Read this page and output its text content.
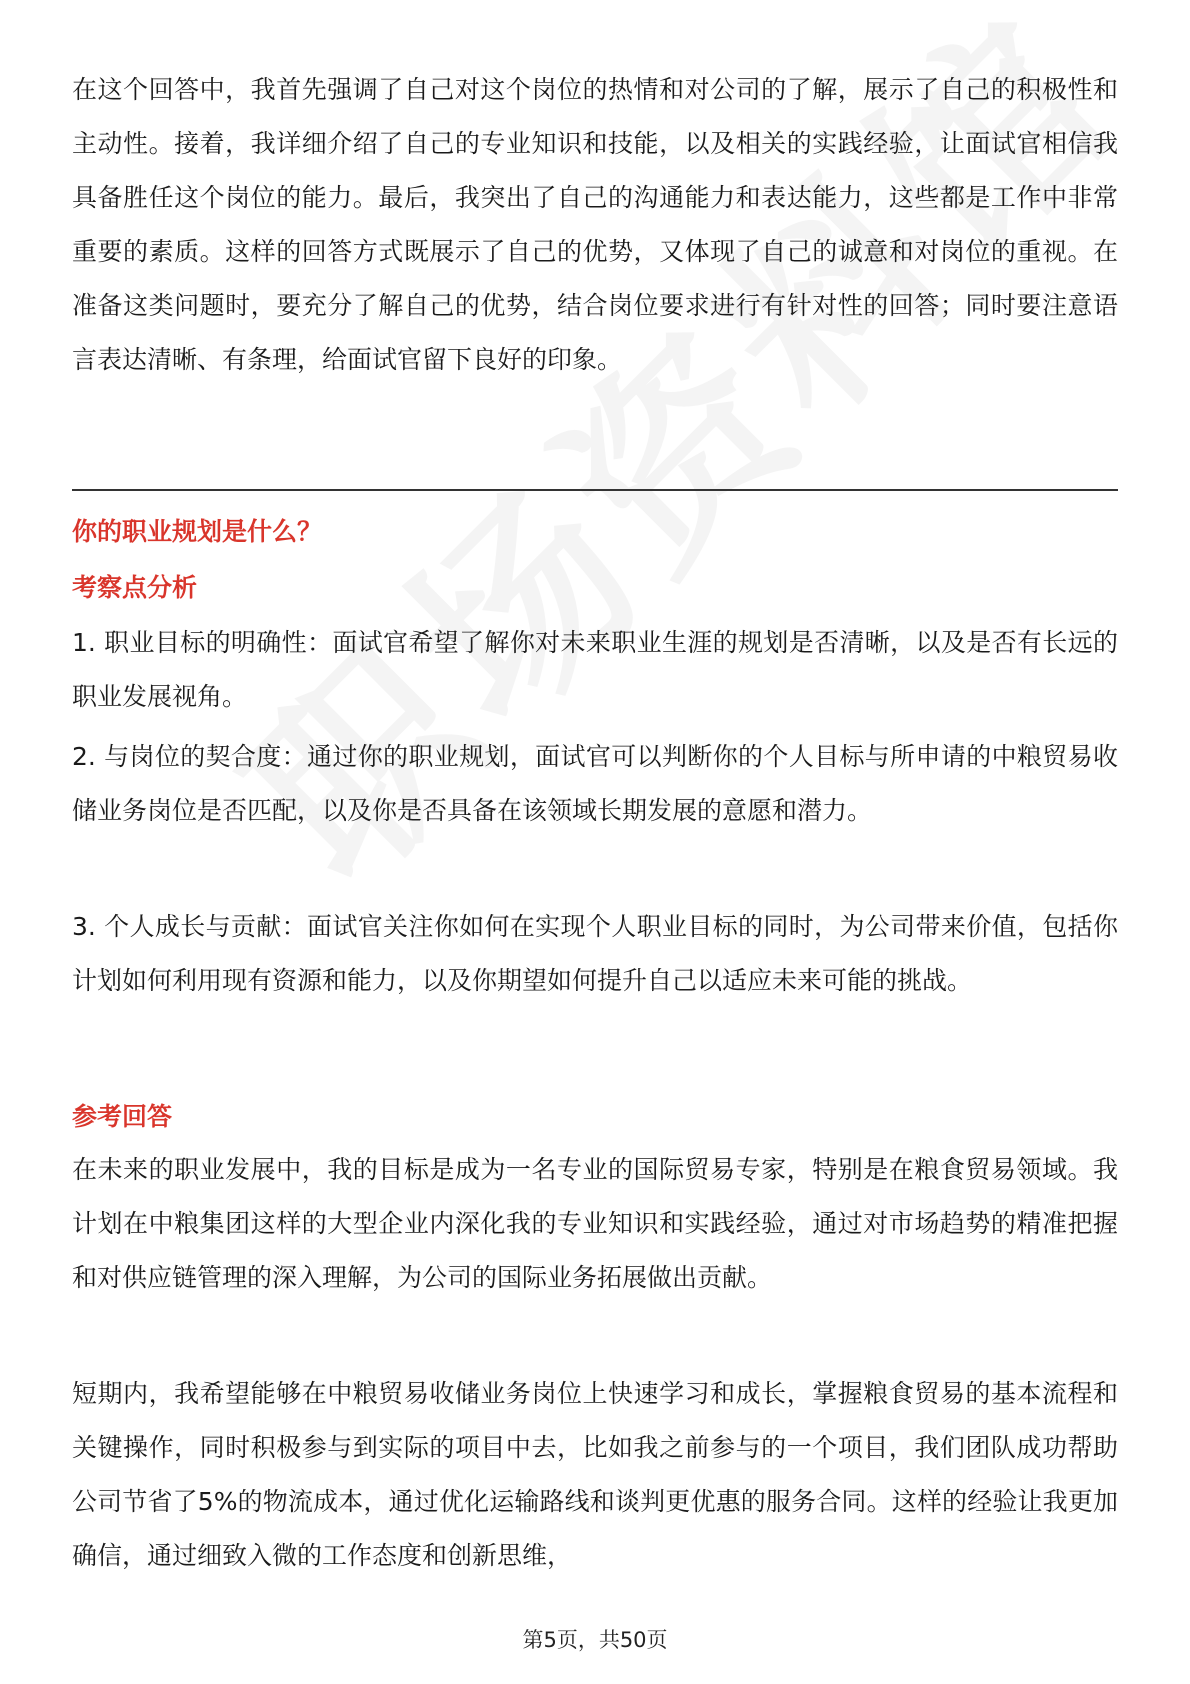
在这个回答中，我首先强调了自己对这个岗位的热情和对公司的了解，展示了自己的积极性和主动性。接着，我详细介绍了自己的专业知识和技能，以及相关的实践经验，让面试官相信我具备胜任这个岗位的能力。最后，我突出了自己的沟通能力和表达能力，这些都是工作中非常重要的素质。这样的回答方式既展示了自己的优势，又体现了自己的诚意和对岗位的重视。在准备这类问题时，要充分了解自己的优势，结合岗位要求进行有针对性的回答；同时要注意语言表达清晰、有条理，给面试官留下良好的印象。

你的职业规划是什么？
考察点分析

1. 职业目标的明确性：面试官希望了解你对未来职业生涯的规划是否清晰，以及是否有长远的职业发展视角。

2. 与岗位的契合度：通过你的职业规划，面试官可以判断你的个人目标与所申请的中粮贸易收储业务岗位是否匹配，以及你是否具备在该领域长期发展的意愿和潜力。

3. 个人成长与贡献：面试官关注你如何在实现个人职业目标的同时，为公司带来价值，包括你计划如何利用现有资源和能力，以及你期望如何提升自己以适应未来可能的挑战。

参考回答

在未来的职业发展中，我的目标是成为一名专业的国际贸易专家，特别是在粮食贸易领域。我计划在中粮集团这样的大型企业内深化我的专业知识和实践经验，通过对市场趋势的精准把握和对供应链管理的深入理解，为公司的国际业务拓展做出贡献。

短期内，我希望能够在中粮贸易收储业务岗位上快速学习和成长，掌握粮食贸易的基本流程和关键操作，同时积极参与到实际的项目中去，比如我之前参与的一个项目，我们团队成功帮助公司节省了5%的物流成本，通过优化运输路线和谈判更优惠的服务合同。这样的经验让我更加确信，通过细致入微的工作态度和创新思维，

第5页，共50页
